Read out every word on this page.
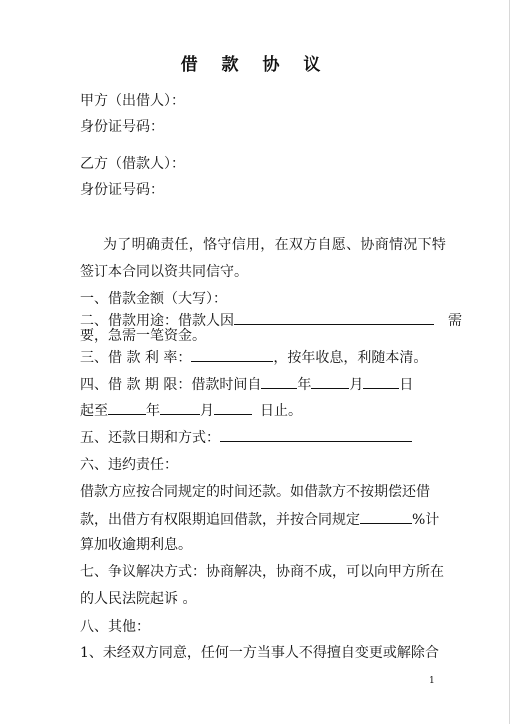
借 款 协 议
甲方（出借人）：
身份证号码：
乙方（借款人）：
身份证号码：
为了明确责任，恪守信用，在双方自愿、协商情况下特
签订本合同以资共同信守。
一、借款金额（大写）：
二、借款用途：借款人因	需
要，急需一笔资金。
三、借 款 利 率：	，按年收息，利随本清。
四、借 款 期 限：借款时间自	年	月	日
起至	年	月	日止。
五、还款日期和方式：
六、违约责任：
借款方应按合同规定的时间还款。如借款方不按期偿还借
款，出借方有权限期追回借款，并按合同规定	%计
算加收逾期利息。
七、争议解决方式：协商解决，协商不成，可以向甲方所在
的人民法院起诉 。
八、其他：
1、未经双方同意，任何一方当事人不得擅自变更或解除合
1
